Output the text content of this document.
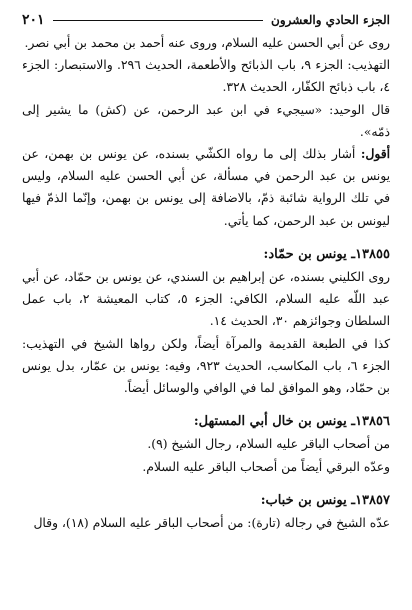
الجزء الحادي والعشرون
٢٠١

روى عن أبي الحسن عليه السلام، وروى عنه أحمد بن محمد بن أبي نصر.

التهذيب: الجزء ٩، باب الذبائح والأطعمة، الحديث ٢٩٦. والاستبصار: الجزء ٤، باب ذبائح الكفّار، الحديث ٣٢٨.

قال الوحيد: «سيجيء في ابن عبد الرحمن، عن (كش) ما يشير إلى ذمّه».

أقول: أشار بذلك إلى ما رواه الكشّي بسنده، عن يونس بن بهمن، عن يونس بن عبد الرحمن في مسألة، عن أبي الحسن عليه السلام، وليس في تلك الرواية شائبة ذمّ، بالاضافة إلى يونس بن بهمن، وإنّما الذمّ فيها ليونس بن عبد الرحمن، كما يأتي.

١٣٨٥٥ـ يونس بن حمّاد:

روى الكليني بسنده، عن إبراهيم بن السندي، عن يونس بن حمّاد، عن أبي عبد اللّه عليه السلام، الكافي: الجزء ٥، كتاب المعيشة ٢، باب عمل السلطان وجوائزهم ٣٠، الحديث ١٤.

كذا في الطبعة القديمة والمرآة أيضاً، ولكن رواها الشيخ في التهذيب: الجزء ٦، باب المكاسب، الحديث ٩٢٣، وفيه: يونس بن عمّار، بدل يونس بن حمّاد، وهو الموافق لما في الوافي والوسائل أيضاً.

١٣٨٥٦ـ يونس بن خال أبي المستهل:

من أصحاب الباقر عليه السلام، رجال الشيخ (٩).

وعدّه البرقي أيضاً من أصحاب الباقر عليه السلام.

١٣٨٥٧ـ يونس بن خباب:

عدّه الشيخ في رجاله (تارة): من أصحاب الباقر عليه السلام (١٨)، وقال
